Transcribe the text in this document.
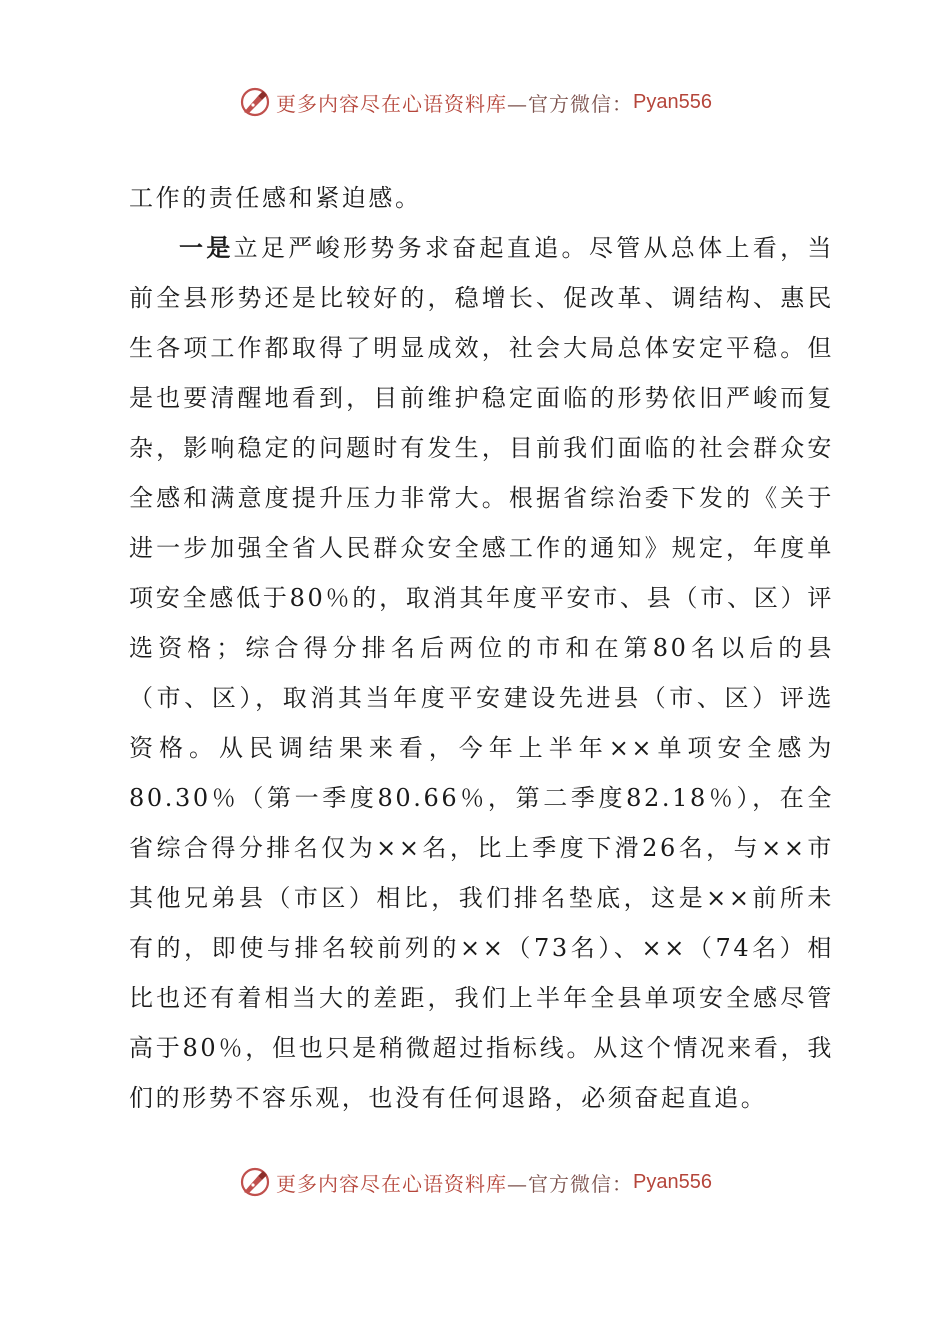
更多内容尽在心语资料库 —官方微信： Pyan556

工作的责任感和紧迫感。

一是立足严峻形势务求奋起直追。尽管从总体上看，当前全县形势还是比较好的，稳增长、促改革、调结构、惠民生各项工作都取得了明显成效，社会大局总体安定平稳。但是也要清醒地看到，目前维护稳定面临的形势依旧严峻而复杂，影响稳定的问题时有发生，目前我们面临的社会群众安全感和满意度提升压力非常大。根据省综治委下发的《关于进一步加强全省人民群众安全感工作的通知》规定，年度单项安全感低于80％的，取消其年度平安市、县（市、区）评选资格；综合得分排名后两位的市和在第80名以后的县（市、区），取消其当年度平安建设先进县（市、区）评选资格。从民调结果来看，今年上半年××单项安全感为80.30％（第一季度80.66％，第二季度82.18％），在全省综合得分排名仅为××名，比上季度下滑26名，与××市其他兄弟县（市区）相比，我们排名垫底，这是××前所未有的，即使与排名较前列的××（73名）、××（74名）相比也还有着相当大的差距，我们上半年全县单项安全感尽管高于80％，但也只是稍微超过指标线。从这个情况来看，我们的形势不容乐观，也没有任何退路，必须奋起直追。

更多内容尽在心语资料库 —官方微信： Pyan556
